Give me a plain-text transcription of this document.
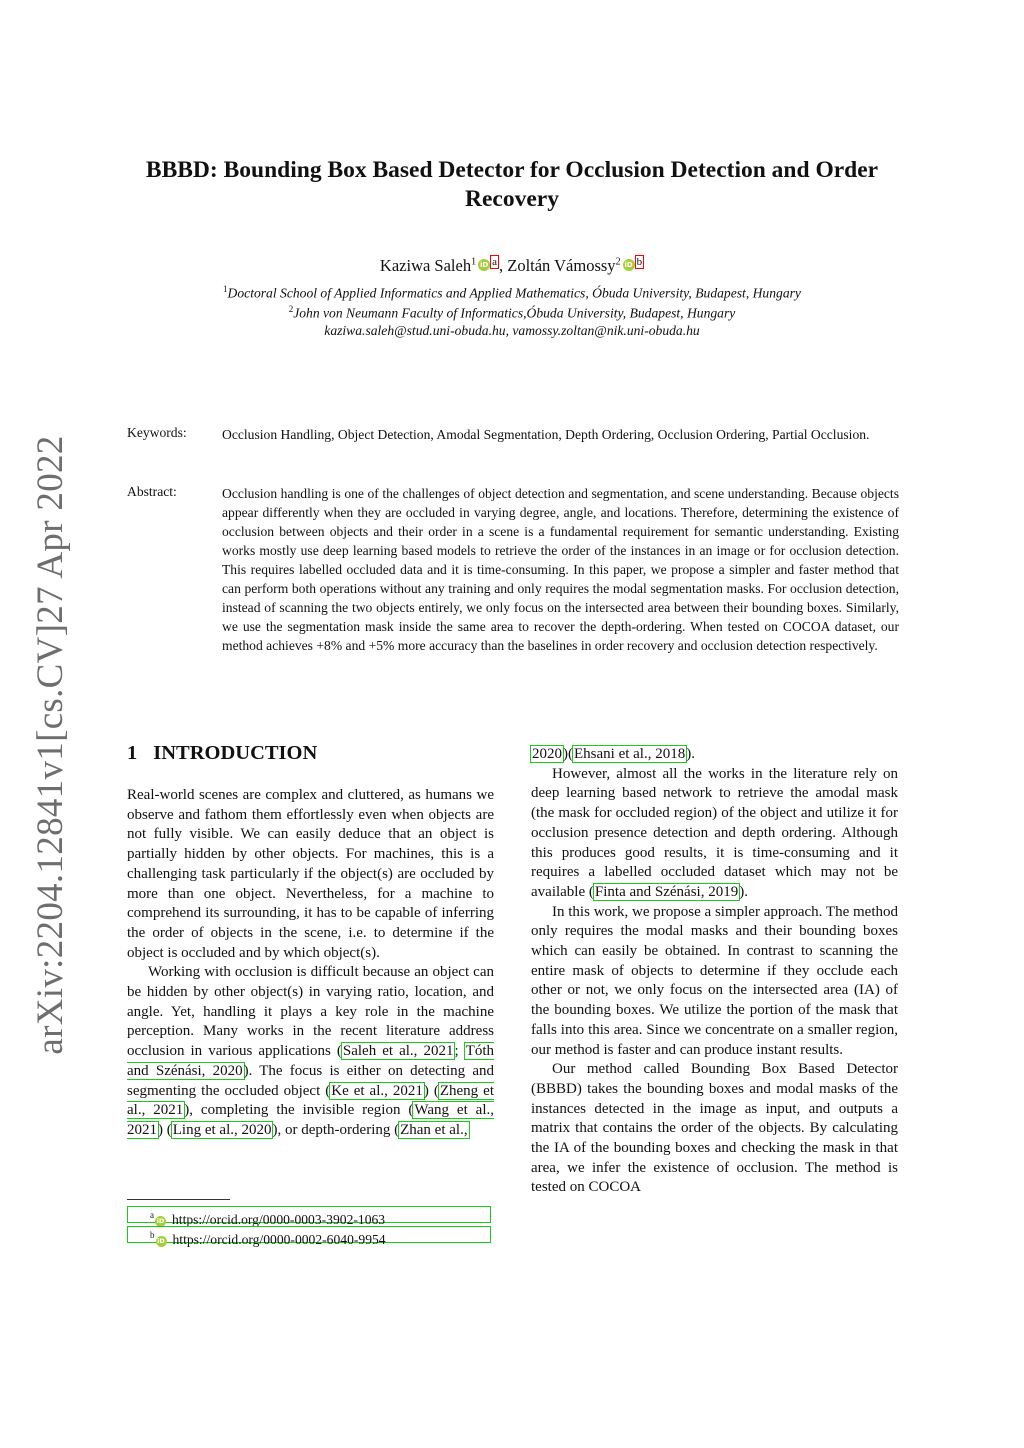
arXiv:2204.12841v1
[cs.CV]
27 Apr 2022
BBBD: Bounding Box Based Detector for Occlusion Detection and Order
Recovery
Kaziwa Saleh$^1$ iD $^a$ , Zoltán Vámossy$^2$ iD $^b$
$^1$Doctoral School of Applied Informatics and Applied Mathematics, Óbuda University, Budapest, Hungary
$^2$John von Neumann Faculty of Informatics,Óbuda University, Budapest, Hungary
kaziwa.saleh@stud.uni-obuda.hu, vamossy.zoltan@nik.uni-obuda.hu
Keywords:	Occlusion Handling, Object Detection, Amodal Segmentation, Depth Ordering, Occlusion Ordering, Partial Occlusion.
Abstract:	Occlusion handling is one of the challenges of object detection and segmentation, and scene understanding. Because objects appear differently when they are occluded in varying degree, angle, and locations. Therefore, determining the existence of occlusion between objects and their order in a scene is a fundamental requirement for semantic understanding. Existing works mostly use deep learning based models to retrieve the order of the instances in an image or for occlusion detection. This requires labelled occluded data and it is time-consuming. In this paper, we propose a simpler and faster method that can perform both operations without any training and only requires the modal segmentation masks. For occlusion detection, instead of scanning the two objects entirely, we only focus on the intersected area between their bounding boxes. Similarly, we use the segmentation mask inside the same area to recover the depth-ordering. When tested on COCOA dataset, our method achieves +8% and +5% more accuracy than the baselines in order recovery and occlusion detection respectively.
1 INTRODUCTION

Real-world scenes are complex and cluttered, as humans we observe and fathom them effortlessly even when objects are not fully visible. We can easily deduce that an object is partially hidden by other objects. For machines, this is a challenging task particularly if the object(s) are occluded by more than one object. Nevertheless, for a machine to comprehend its surrounding, it has to be capable of inferring the order of objects in the scene, i.e. to determine if the object is occluded and by which object(s).

Working with occlusion is difficult because an object can be hidden by other object(s) in varying ratio, location, and angle. Yet, handling it plays a key role in the machine perception. Many works in the recent literature address occlusion in various applications (Saleh et al., 2021; Tóth and Szénási, 2020). The focus is either on detecting and segmenting the occluded object (Ke et al., 2021) (Zheng et al., 2021), completing the invisible region (Wang et al., 2021) (Ling et al., 2020), or depth-ordering (Zhan et al.,

2020)(Ehsani et al., 2018).

However, almost all the works in the literature rely on deep learning based network to retrieve the amodal mask (the mask for occluded region) of the object and utilize it for occlusion presence detection and depth ordering. Although this produces good results, it is time-consuming and it requires a labelled occluded dataset which may not be available (Finta and Szénási, 2019).

In this work, we propose a simpler approach. The method only requires the modal masks and their bounding boxes which can easily be obtained. In contrast to scanning the entire mask of objects to determine if they occlude each other or not, we only focus on the intersected area (IA) of the bounding boxes. We utilize the portion of the mask that falls into this area. Since we concentrate on a smaller region, our method is faster and can produce instant results.

Our method called Bounding Box Based Detector (BBBD) takes the bounding boxes and modal masks of the instances detected in the image as input, and outputs a matrix that contains the order of the objects. By calculating the IA of the bounding boxes and checking the mask in that area, we infer the existence of occlusion. The method is tested on COCOA

$^a$iD https://orcid.org/0000-0003-3902-1063
$^b$iD https://orcid.org/0000-0002-6040-9954
